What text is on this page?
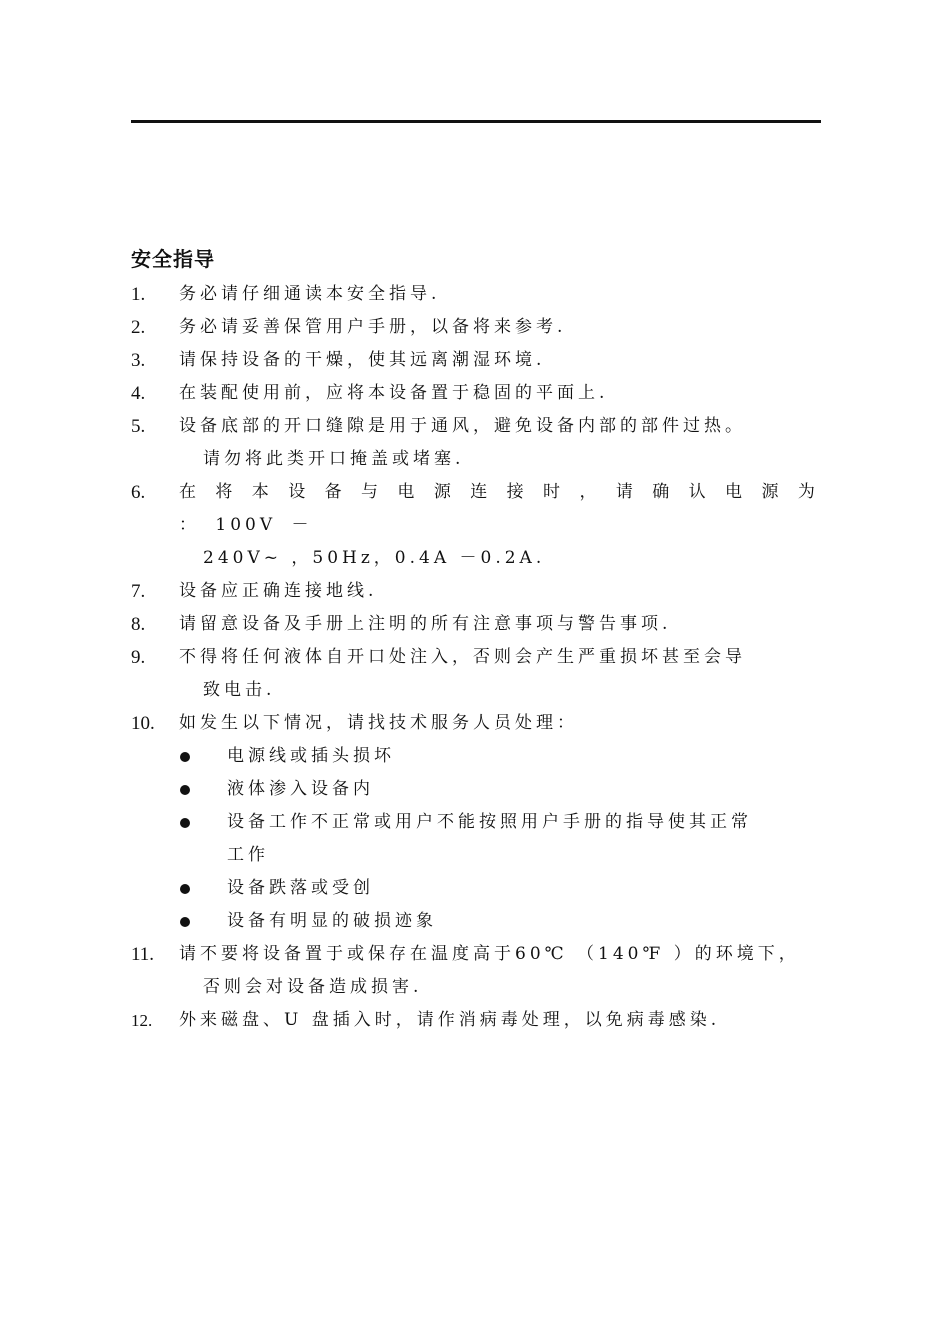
安全指导
1. 务必请仔细通读本安全指导.
2. 务必请妥善保管用户手册，以备将来参考.
3. 请保持设备的干燥，使其远离潮湿环境.
4. 在装配使用前，应将本设备置于稳固的平面上.
5. 设备底部的开口缝隙是用于通风，避免设备内部的部件过热。
请勿将此类开口掩盖或堵塞.
6. 在 将 本 设 备 与 电 源 连 接 时 ， 请 确 认 电 源 为 ： 100V －
240V~ ，50Hz，0.4A －0.2A.
7. 设备应正确连接地线.
8. 请留意设备及手册上注明的所有注意事项与警告事项.
9. 不得将任何液体自开口处注入，否则会产生严重损坏甚至会导
致电击.
10. 如发生以下情况，请找技术服务人员处理：
电源线或插头损坏
液体渗入设备内
设备工作不正常或用户不能按照用户手册的指导使其正常
工作
设备跌落或受创
设备有明显的破损迹象
11. 请不要将设备置于或保存在温度高于60℃ （140℉ ）的环境下，
否则会对设备造成损害.
12. 外来磁盘、U 盘插入时，请作消病毒处理，以免病毒感染.
